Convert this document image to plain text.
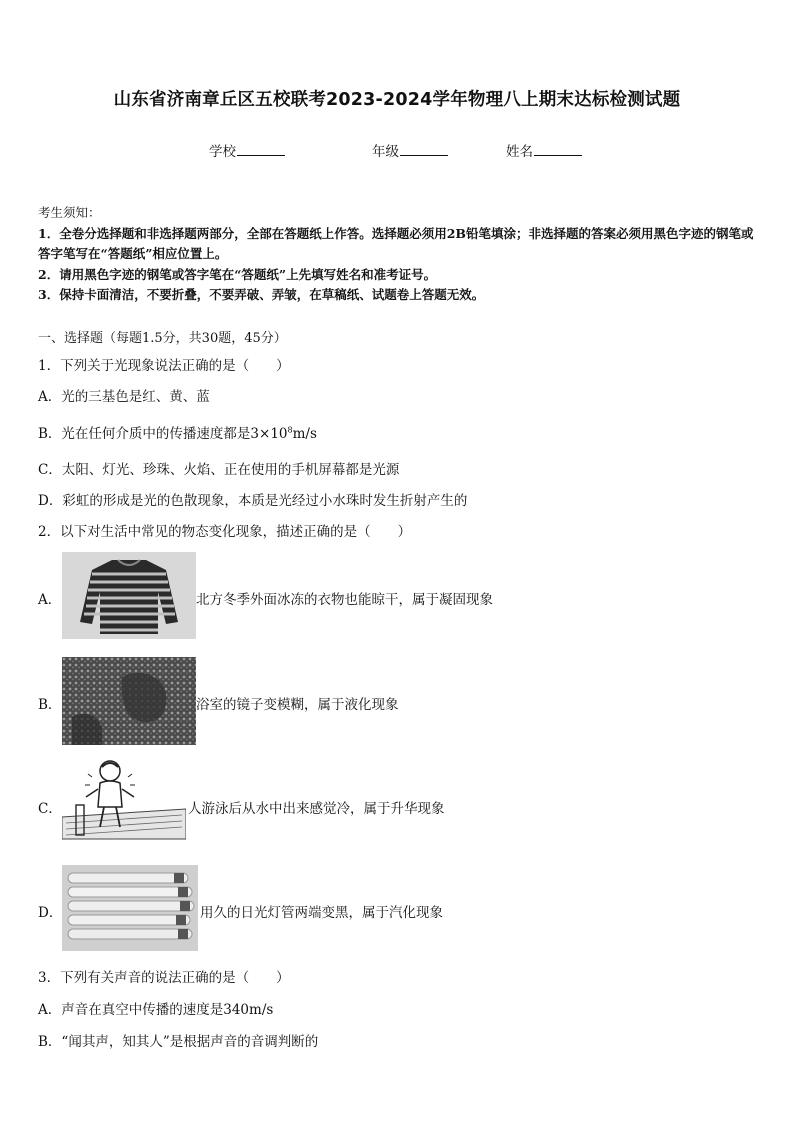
山东省济南章丘区五校联考2023-2024学年物理八上期末达标检测试题
学校	年级	姓名
考生须知：
1．全卷分选择题和非选择题两部分，全部在答题纸上作答。选择题必须用2B铅笔填涂；非选择题的答案必须用黑色字迹的钢笔或答字笔写在“答题纸”相应位置上。
2．请用黑色字迹的钢笔或答字笔在“答题纸”上先填写姓名和准考证号。
3．保持卡面清洁，不要折叠，不要弄破、弄皱，在草稿纸、试题卷上答题无效。
一、选择题（每题1.5分，共30题，45分）
1．下列关于光现象说法正确的是（　　）
A．光的三基色是红、黄、蓝
B．光在任何介质中的传播速度都是$3\times 10^8m/s$
C．太阳、灯光、珍珠、火焰、正在使用的手机屏幕都是光源
D．彩虹的形成是光的色散现象，本质是光经过小水珠时发生折射产生的
2．以下对生活中常见的物态变化现象，描述正确的是（　　）
A．	北方冬季外面冰冻的衣物也能晾干，属于凝固现象
B．	浴室的镜子变模糊，属于液化现象
C．	人游泳后从水中出来感觉冷，属于升华现象
D．	用久的日光灯管两端变黑，属于汽化现象
3．下列有关声音的说法正确的是（　　）
A．声音在真空中传播的速度是340m/s
B．“闻其声，知其人”是根据声音的音调判断的
